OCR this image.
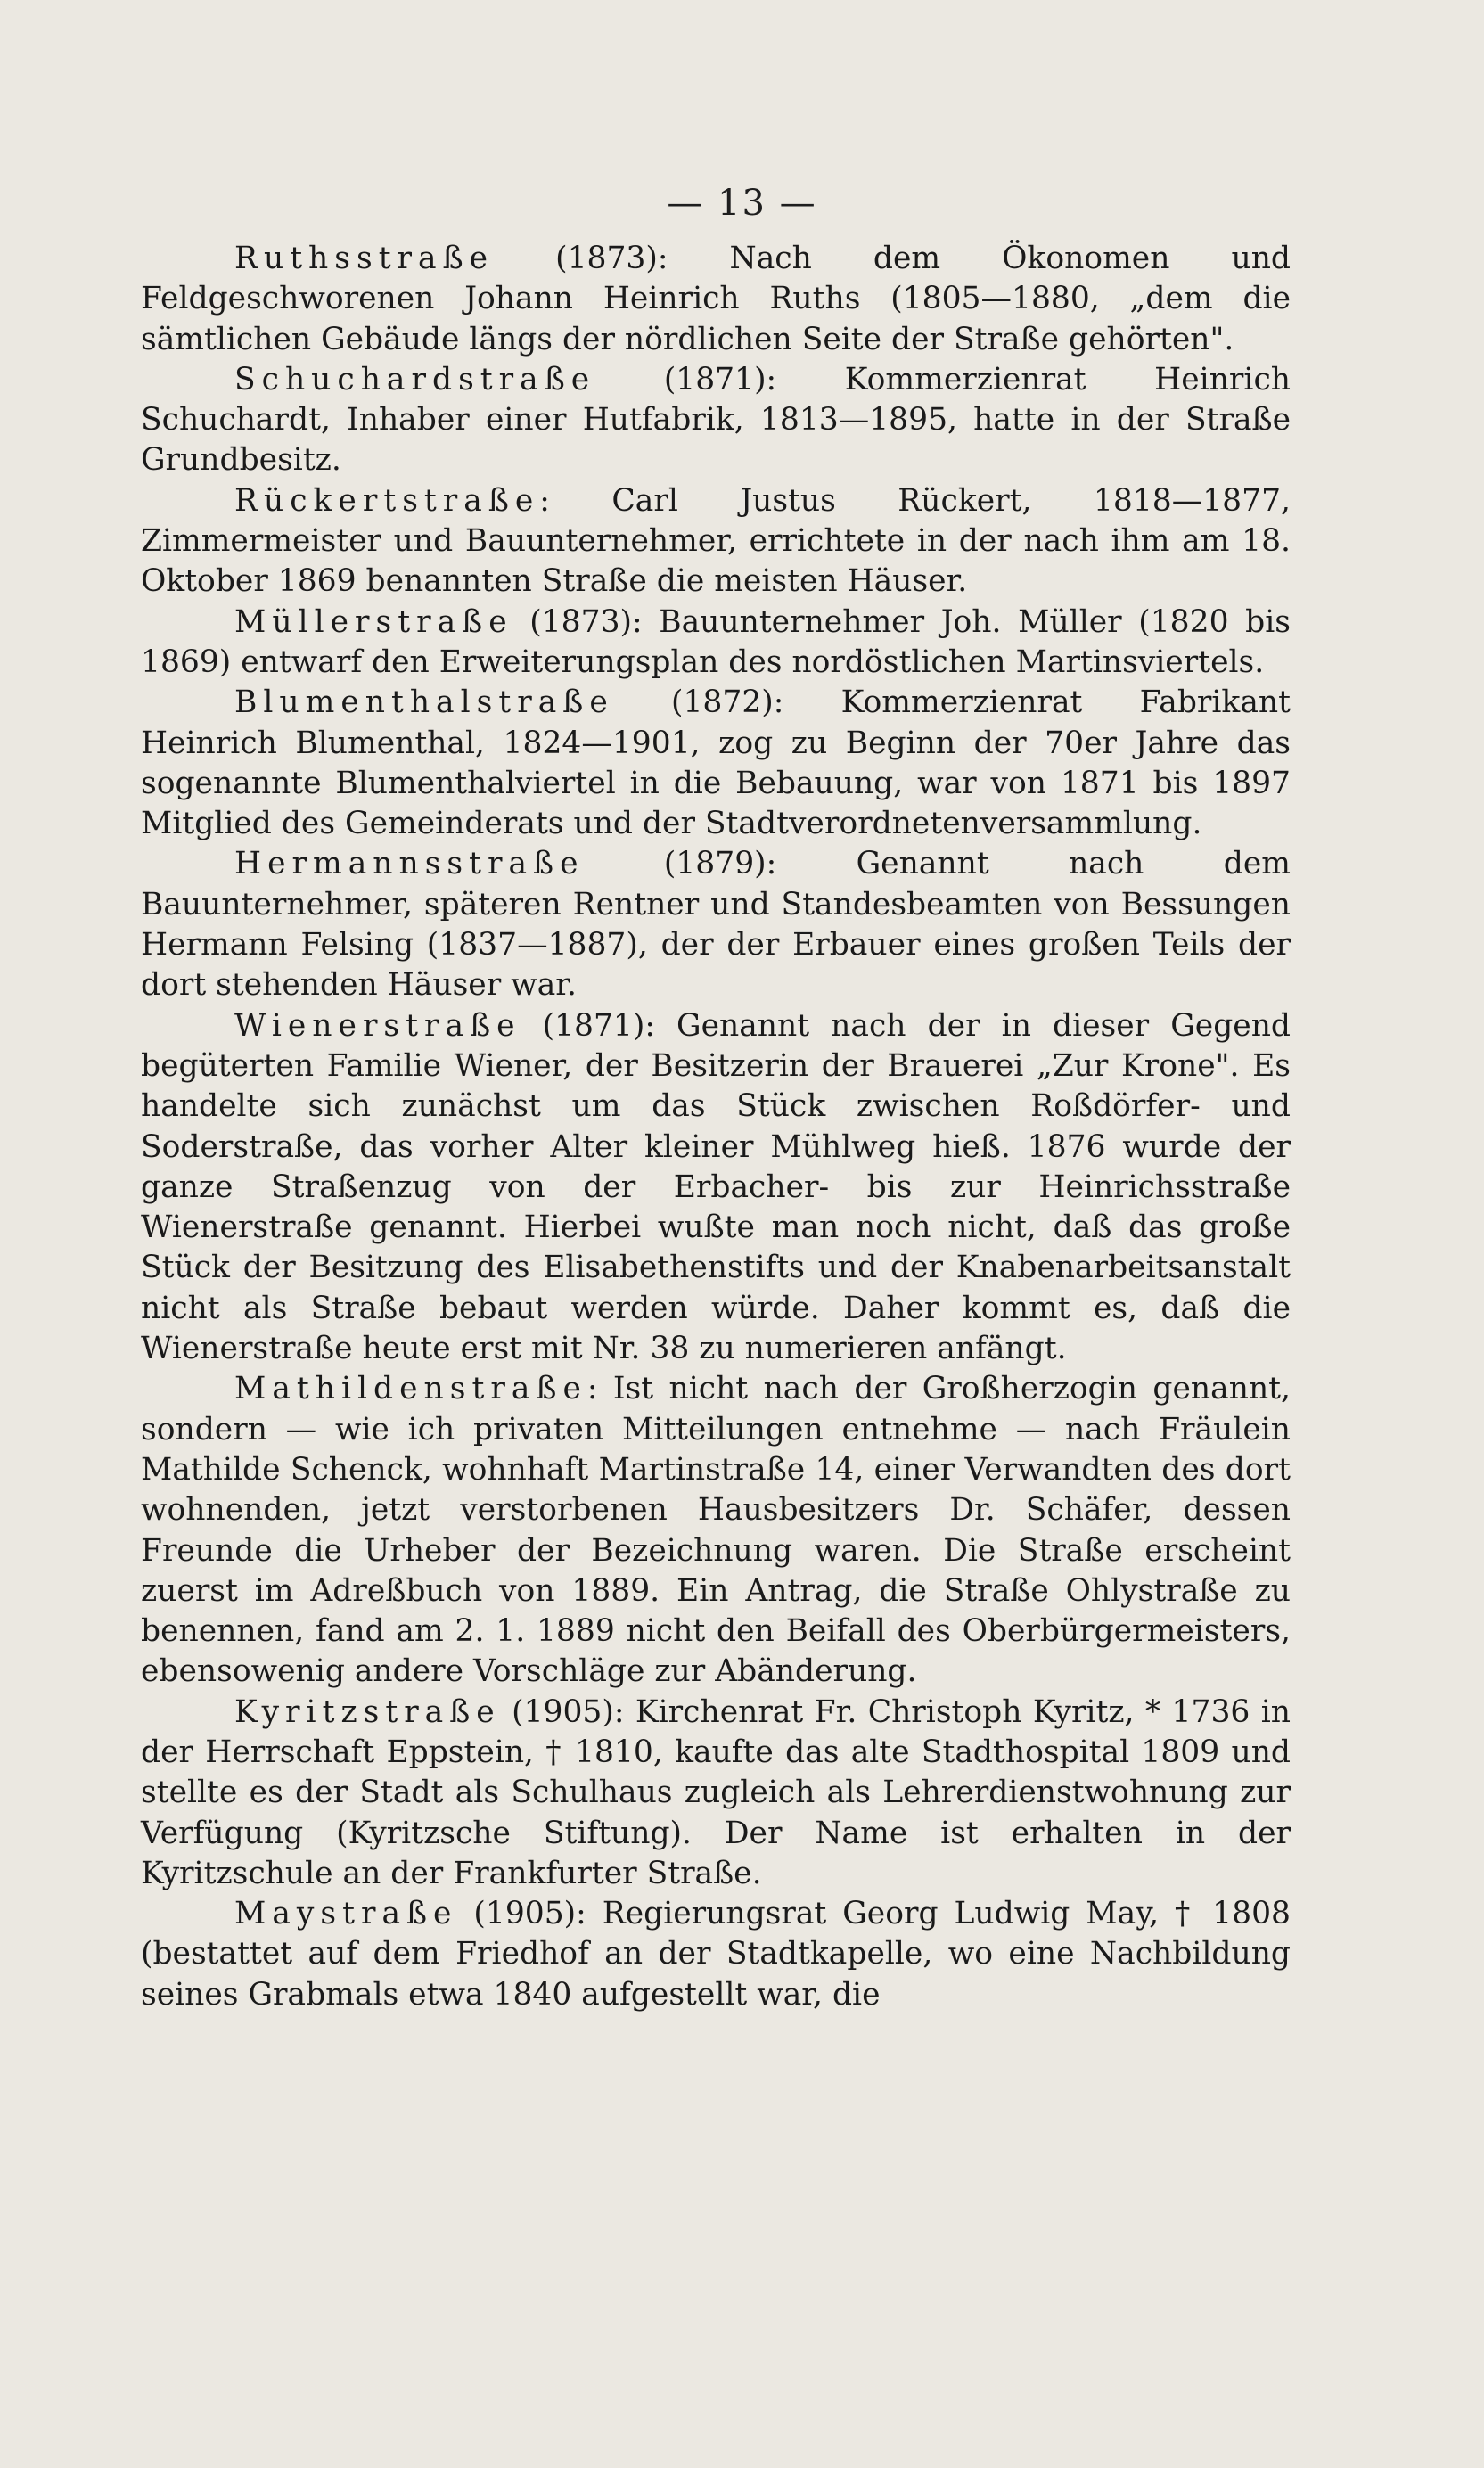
— 13 —

Ruthsstraße (1873): Nach dem Ökonomen und Feldgeschworenen Johann Heinrich Ruths (1805—1880, „dem die sämtlichen Gebäude längs der nördlichen Seite der Straße gehörten".

Schuchardstraße (1871): Kommerzienrat Heinrich Schuchardt, Inhaber einer Hutfabrik, 1813—1895, hatte in der Straße Grundbesitz.

Rückertstraße: Carl Justus Rückert, 1818—1877, Zimmermeister und Bauunternehmer, errichtete in der nach ihm am 18. Oktober 1869 benannten Straße die meisten Häuser.

Müllerstraße (1873): Bauunternehmer Joh. Müller (1820 bis 1869) entwarf den Erweiterungsplan des nordöstlichen Martinsviertels.

Blumenthalstraße (1872): Kommerzienrat Fabrikant Heinrich Blumenthal, 1824—1901, zog zu Beginn der 70er Jahre das sogenannte Blumenthalviertel in die Bebauung, war von 1871 bis 1897 Mitglied des Gemeinderats und der Stadtverordnetenversammlung.

Hermannsstraße (1879): Genannt nach dem Bauunternehmer, späteren Rentner und Standesbeamten von Bessungen Hermann Felsing (1837—1887), der der Erbauer eines großen Teils der dort stehenden Häuser war.

Wienerstraße (1871): Genannt nach der in dieser Gegend begüterten Familie Wiener, der Besitzerin der Brauerei „Zur Krone". Es handelte sich zunächst um das Stück zwischen Roßdörfer- und Soderstraße, das vorher Alter kleiner Mühlweg hieß. 1876 wurde der ganze Straßenzug von der Erbacher- bis zur Heinrichsstraße Wienerstraße genannt. Hierbei wußte man noch nicht, daß das große Stück der Besitzung des Elisabethenstifts und der Knabenarbeitsanstalt nicht als Straße bebaut werden würde. Daher kommt es, daß die Wienerstraße heute erst mit Nr. 38 zu numerieren anfängt.

Mathildenstraße: Ist nicht nach der Großherzogin genannt, sondern — wie ich privaten Mitteilungen entnehme — nach Fräulein Mathilde Schenck, wohnhaft Martinstraße 14, einer Verwandten des dort wohnenden, jetzt verstorbenen Hausbesitzers Dr. Schäfer, dessen Freunde die Urheber der Bezeichnung waren. Die Straße erscheint zuerst im Adreßbuch von 1889. Ein Antrag, die Straße Ohlystraße zu benennen, fand am 2. 1. 1889 nicht den Beifall des Oberbürgermeisters, ebensowenig andere Vorschläge zur Abänderung.

Kyritzstraße (1905): Kirchenrat Fr. Christoph Kyritz, * 1736 in der Herrschaft Eppstein, † 1810, kaufte das alte Stadthospital 1809 und stellte es der Stadt als Schulhaus zugleich als Lehrerdienstwohnung zur Verfügung (Kyritzsche Stiftung). Der Name ist erhalten in der Kyritzschule an der Frankfurter Straße.

Maystraße (1905): Regierungsrat Georg Ludwig May, † 1808 (bestattet auf dem Friedhof an der Stadtkapelle, wo eine Nachbildung seines Grabmals etwa 1840 aufgestellt war, die
